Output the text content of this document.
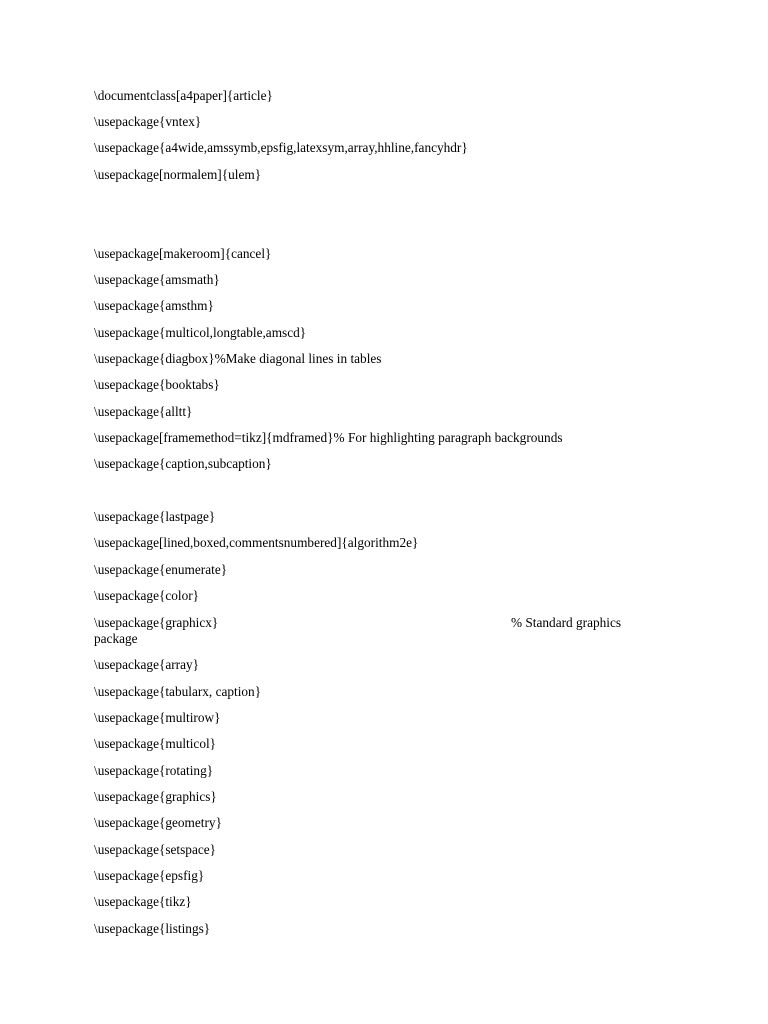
\documentclass[a4paper]{article}
\usepackage{vntex}
\usepackage{a4wide,amssymb,epsfig,latexsym,array,hhline,fancyhdr}
\usepackage[normalem]{ulem}
\usepackage[makeroom]{cancel}
\usepackage{amsmath}
\usepackage{amsthm}
\usepackage{multicol,longtable,amscd}
\usepackage{diagbox}%Make diagonal lines in tables
\usepackage{booktabs}
\usepackage{alltt}
\usepackage[framemethod=tikz]{mdframed}% For highlighting paragraph backgrounds
\usepackage{caption,subcaption}
\usepackage{lastpage}
\usepackage[lined,boxed,commentsnumbered]{algorithm2e}
\usepackage{enumerate}
\usepackage{color}
\usepackage{graphicx}	% Standard graphics
package
\usepackage{array}
\usepackage{tabularx, caption}
\usepackage{multirow}
\usepackage{multicol}
\usepackage{rotating}
\usepackage{graphics}
\usepackage{geometry}
\usepackage{setspace}
\usepackage{epsfig}
\usepackage{tikz}
\usepackage{listings}
